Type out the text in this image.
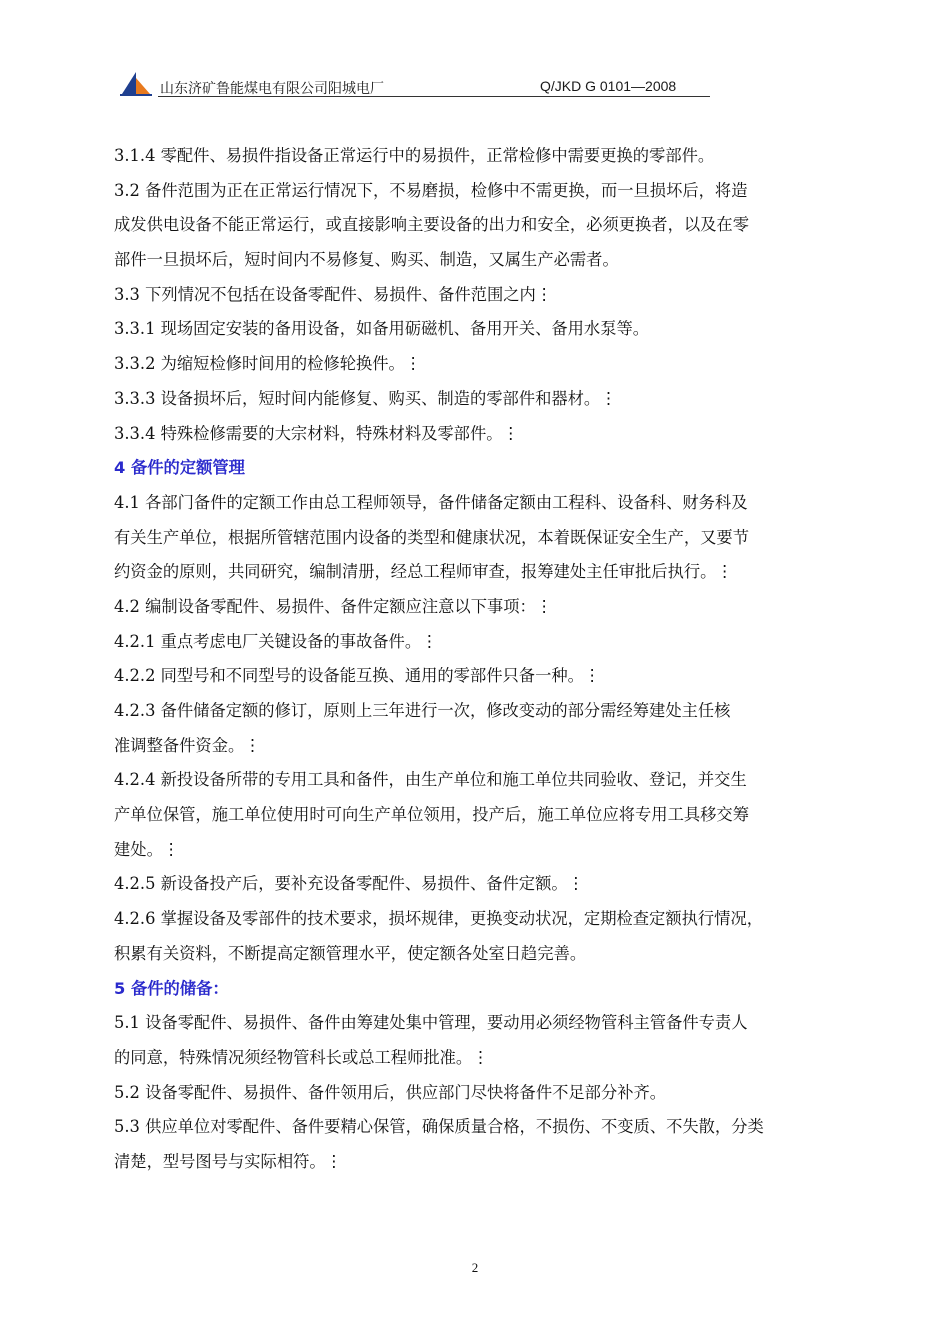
山东济矿鲁能煤电有限公司阳城电厂	Q/JKD G 0101—2008
3.1.4 零配件、易损件指设备正常运行中的易损件，正常检修中需要更换的零部件。
3.2 备件范围为正在正常运行情况下，不易磨损，检修中不需更换，而一旦损坏后，将造
成发供电设备不能正常运行，或直接影响主要设备的出力和安全，必须更换者，以及在零
部件一旦损坏后，短时间内不易修复、购买、制造，又属生产必需者。
3.3 下列情况不包括在设备零配件、易损件、备件范围之内⋮
3.3.1 现场固定安装的备用设备，如备用砺磁机、备用开关、备用水泵等。
3.3.2 为缩短检修时间用的检修轮换件。⋮
3.3.3 设备损坏后，短时间内能修复、购买、制造的零部件和器材。⋮
3.3.4 特殊检修需要的大宗材料，特殊材料及零部件。⋮
4 备件的定额管理
4.1 各部门备件的定额工作由总工程师领导，备件储备定额由工程科、设备科、财务科及
有关生产单位，根据所管辖范围内设备的类型和健康状况，本着既保证安全生产，又要节
约资金的原则，共同研究，编制清册，经总工程师审查，报筹建处主任审批后执行。⋮
4.2 编制设备零配件、易损件、备件定额应注意以下事项：⋮
4.2.1 重点考虑电厂关键设备的事故备件。⋮
4.2.2 同型号和不同型号的设备能互换、通用的零部件只备一种。⋮
4.2.3 备件储备定额的修订，原则上三年进行一次，修改变动的部分需经筹建处主任核
准调整备件资金。⋮
4.2.4 新投设备所带的专用工具和备件，由生产单位和施工单位共同验收、登记，并交生
产单位保管，施工单位使用时可向生产单位领用，投产后，施工单位应将专用工具移交筹
建处。⋮
4.2.5 新设备投产后，要补充设备零配件、易损件、备件定额。⋮
4.2.6 掌握设备及零部件的技术要求，损坏规律，更换变动状况，定期检查定额执行情况，
积累有关资料，不断提高定额管理水平，使定额各处室日趋完善。
5 备件的储备：
5.1 设备零配件、易损件、备件由筹建处集中管理，要动用必须经物管科主管备件专责人
的同意，特殊情况须经物管科长或总工程师批准。⋮
5.2 设备零配件、易损件、备件领用后，供应部门尽快将备件不足部分补齐。
5.3 供应单位对零配件、备件要精心保管，确保质量合格，不损伤、不变质、不失散，分类
清楚，型号图号与实际相符。⋮
2
